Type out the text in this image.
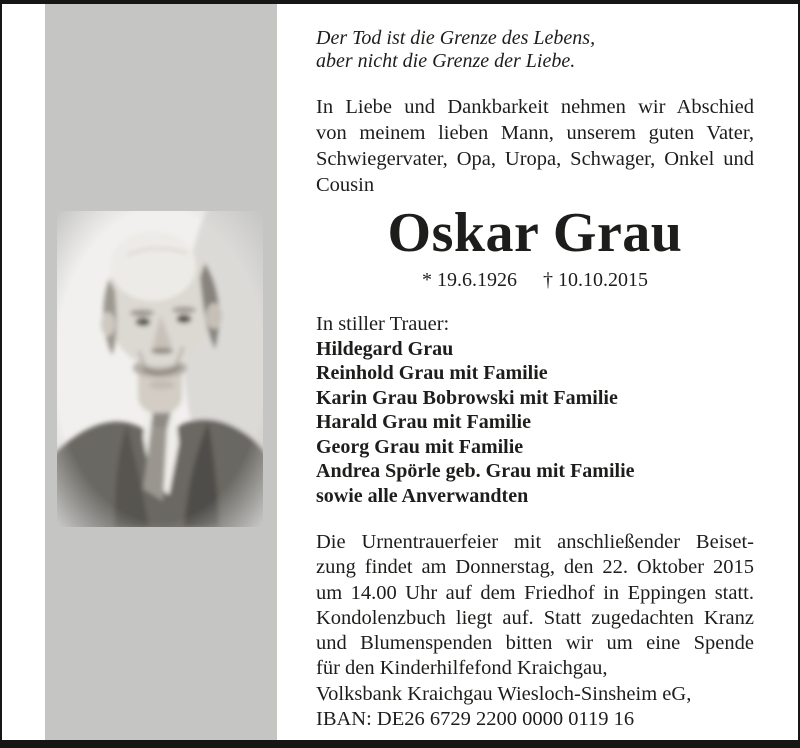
Der Tod ist die Grenze des Lebens,
aber nicht die Grenze der Liebe.
In Liebe und Dankbarkeit nehmen wir Abschied
von meinem lieben Mann, unserem guten Vater,
Schwiegervater, Opa, Uropa, Schwager, Onkel und
Cousin
Oskar Grau
* 19.6.1926 † 10.10.2015
In stiller Trauer:
Hildegard Grau
Reinhold Grau mit Familie
Karin Grau Bobrowski mit Familie
Harald Grau mit Familie
Georg Grau mit Familie
Andrea Spörle geb. Grau mit Familie
sowie alle Anverwandten
Die Urnentrauerfeier mit anschließender Beiset-
zung findet am Donnerstag, den 22. Oktober 2015
um 14.00 Uhr auf dem Friedhof in Eppingen statt.
Kondolenzbuch liegt auf. Statt zugedachten Kranz
und Blumenspenden bitten wir um eine Spende
für den Kinderhilfefond Kraichgau,
Volksbank Kraichgau Wiesloch-Sinsheim eG,
IBAN: DE26 6729 2200 0000 0119 16
